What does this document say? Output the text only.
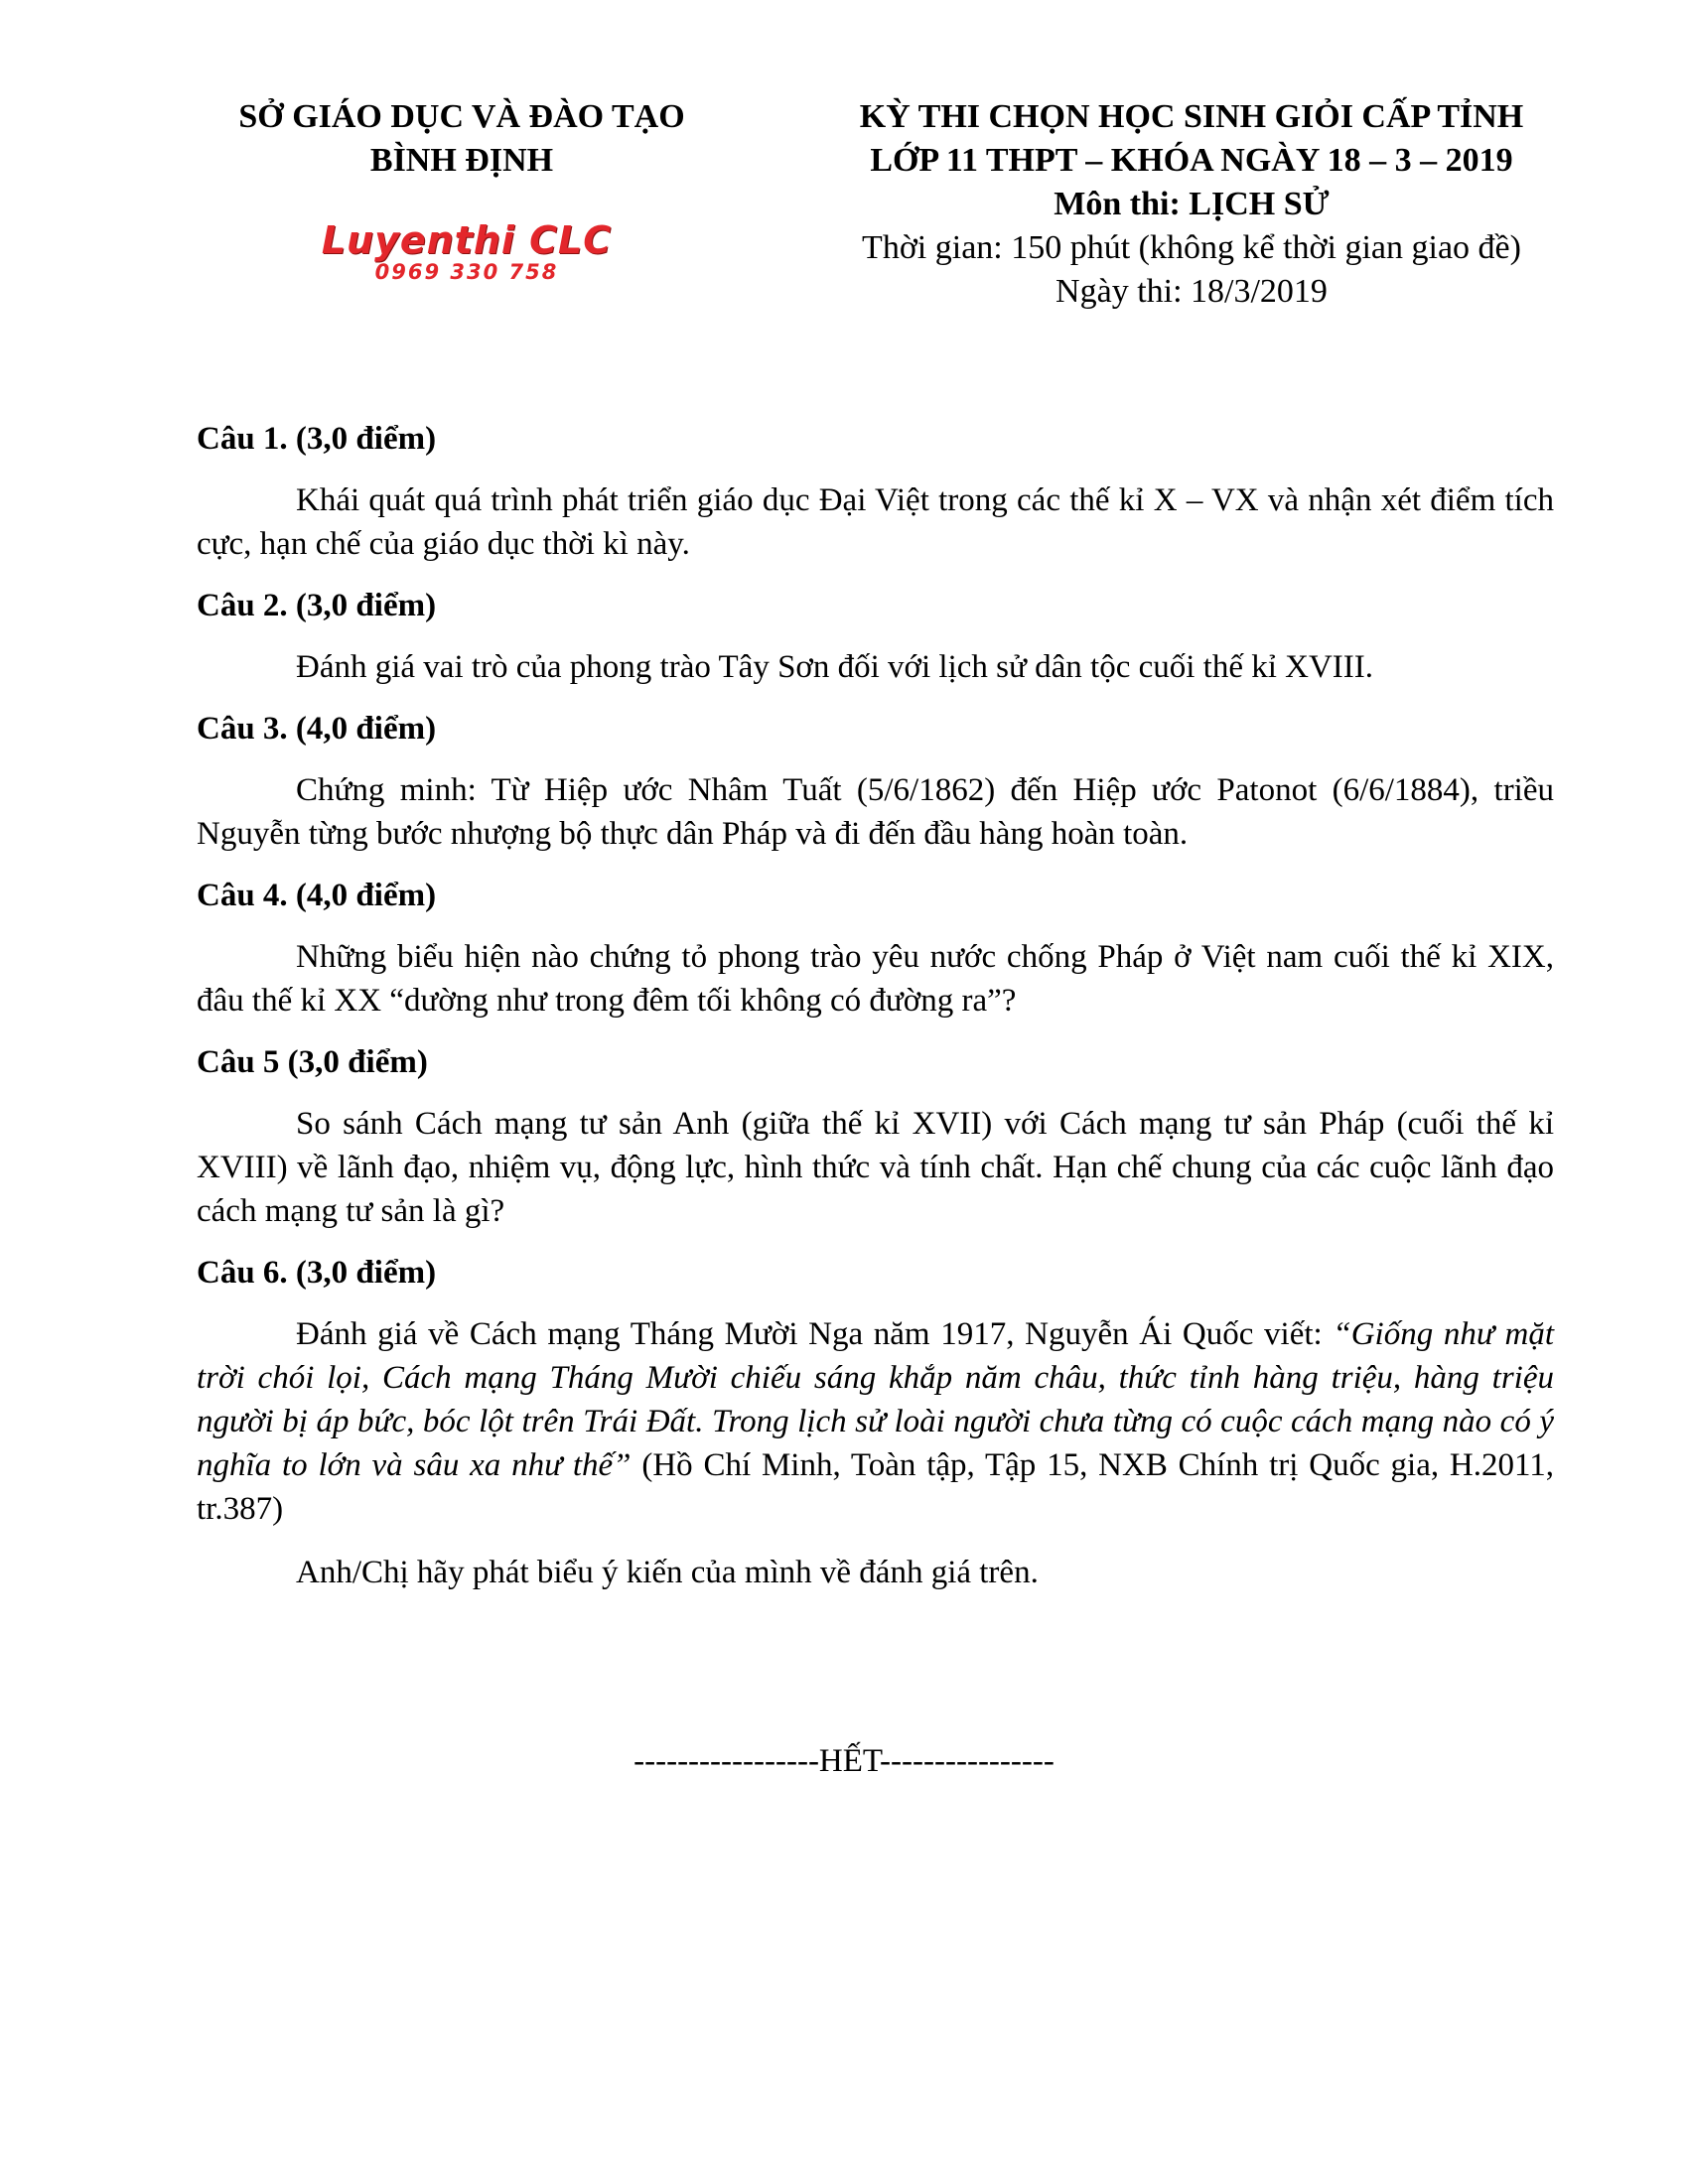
SỞ GIÁO DỤC VÀ ĐÀO TẠO
BÌNH ĐỊNH
Luyenthi CLC
0969 330 758
KỲ THI CHỌN HỌC SINH GIỎI CẤP TỈNH
LỚP 11 THPT – KHÓA NGÀY 18 – 3 – 2019
Môn thi: LỊCH SỬ
Thời gian: 150 phút (không kể thời gian giao đề)
Ngày thi: 18/3/2019
Câu 1. (3,0 điểm)
Khái quát quá trình phát triển giáo dục Đại Việt trong các thế kỉ X – VX và nhận xét điểm tích cực, hạn chế của giáo dục thời kì này.
Câu 2. (3,0 điểm)
Đánh giá vai trò của phong trào Tây Sơn đối với lịch sử dân tộc cuối thế kỉ XVIII.
Câu 3. (4,0 điểm)
Chứng minh: Từ Hiệp ước Nhâm Tuất (5/6/1862) đến Hiệp ước Patonot (6/6/1884), triều Nguyễn từng bước nhượng bộ thực dân Pháp và đi đến đầu hàng hoàn toàn.
Câu 4. (4,0 điểm)
Những biểu hiện nào chứng tỏ phong trào yêu nước chống Pháp ở Việt nam cuối thế kỉ XIX, đâu thế kỉ XX “dường như trong đêm tối không có đường ra”?
Câu 5 (3,0 điểm)
So sánh Cách mạng tư sản Anh (giữa thế kỉ XVII) với Cách mạng tư sản Pháp (cuối thế kỉ XVIII) về lãnh đạo, nhiệm vụ, động lực, hình thức và tính chất. Hạn chế chung của các cuộc lãnh đạo cách mạng tư sản là gì?
Câu 6. (3,0 điểm)
Đánh giá về Cách mạng Tháng Mười Nga năm 1917, Nguyễn Ái Quốc viết: “Giống như mặt trời chói lọi, Cách mạng Tháng Mười chiếu sáng khắp năm châu, thức tỉnh hàng triệu, hàng triệu người bị áp bức, bóc lột trên Trái Đất. Trong lịch sử loài người chưa từng có cuộc cách mạng nào có ý nghĩa to lớn và sâu xa như thế” (Hồ Chí Minh, Toàn tập, Tập 15, NXB Chính trị Quốc gia, H.2011, tr.387)
Anh/Chị hãy phát biểu ý kiến của mình về đánh giá trên.
-----------------HẾT----------------
